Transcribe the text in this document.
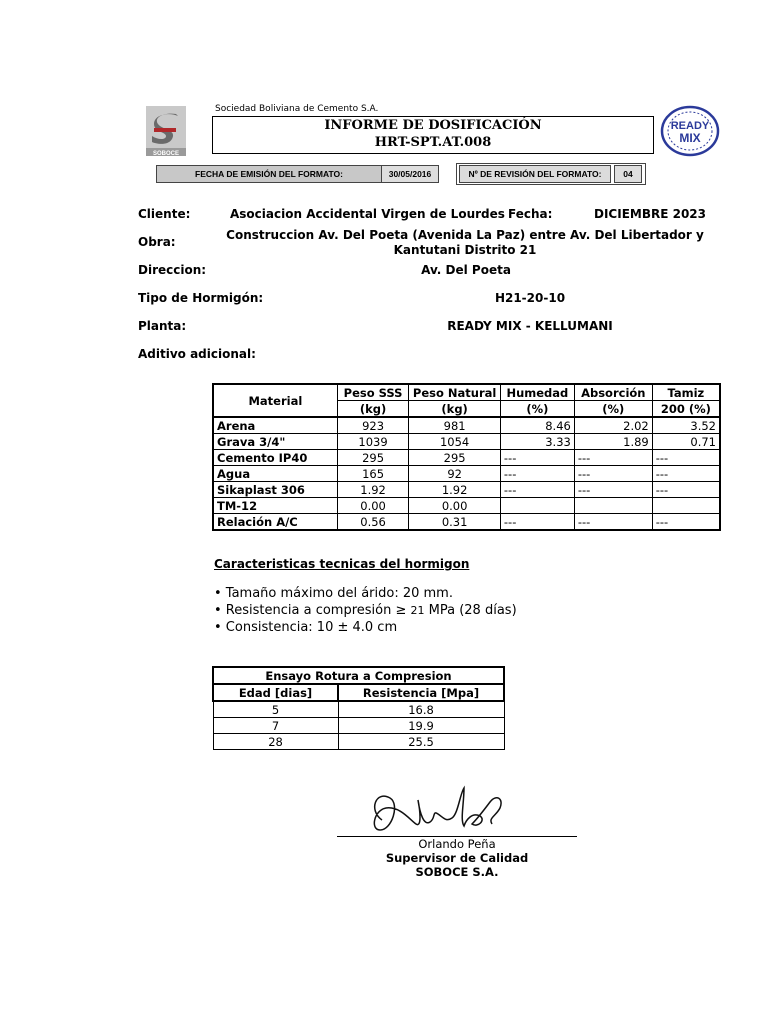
Sociedad Boliviana de Cemento S.A.
SOBOCE
INFORME DE DOSIFICACIÓN
HRT-SPT.AT.008
READY
MIX
FECHA DE EMISIÓN DEL FORMATO:	30/05/2016	Nº DE REVISIÓN DEL FORMATO:	04
Cliente:	Asociacion Accidental Virgen de Lourdes Fecha:	DICIEMBRE 2023
Obra:	Construccion Av. Del Poeta (Avenida La Paz) entre Av. Del Libertador y
Kantutani Distrito 21
Direccion:	Av. Del Poeta
Tipo de Hormigón:	H21-20-10
Planta:	READY MIX - KELLUMANI
Aditivo adicional:
Material	Peso SSS	Peso Natural	Humedad	Absorción	Tamiz
	(kg)	(kg)	(%)	(%)	200 (%)
Arena	923	981	8.46	2.02	3.52
Grava 3/4"	1039	1054	3.33	1.89	0.71
Cemento IP40	295	295	---	---	---
Agua	165	92	---	---	---
Sikaplast 306	1.92	1.92	---	---	---
TM-12	0.00	0.00			
Relación A/C	0.56	0.31	---	---	---
Caracteristicas tecnicas del hormigon
• Tamaño máximo del árido: 20 mm.
• Resistencia a compresión ≥ 21 MPa (28 días)
• Consistencia: 10 ± 4.0 cm
Ensayo Rotura a Compresion	
Edad [dias]	Resistencia [Mpa]
5	16.8
7	19.9
28	25.5
Orlando Peña
Supervisor de Calidad
SOBOCE S.A.
